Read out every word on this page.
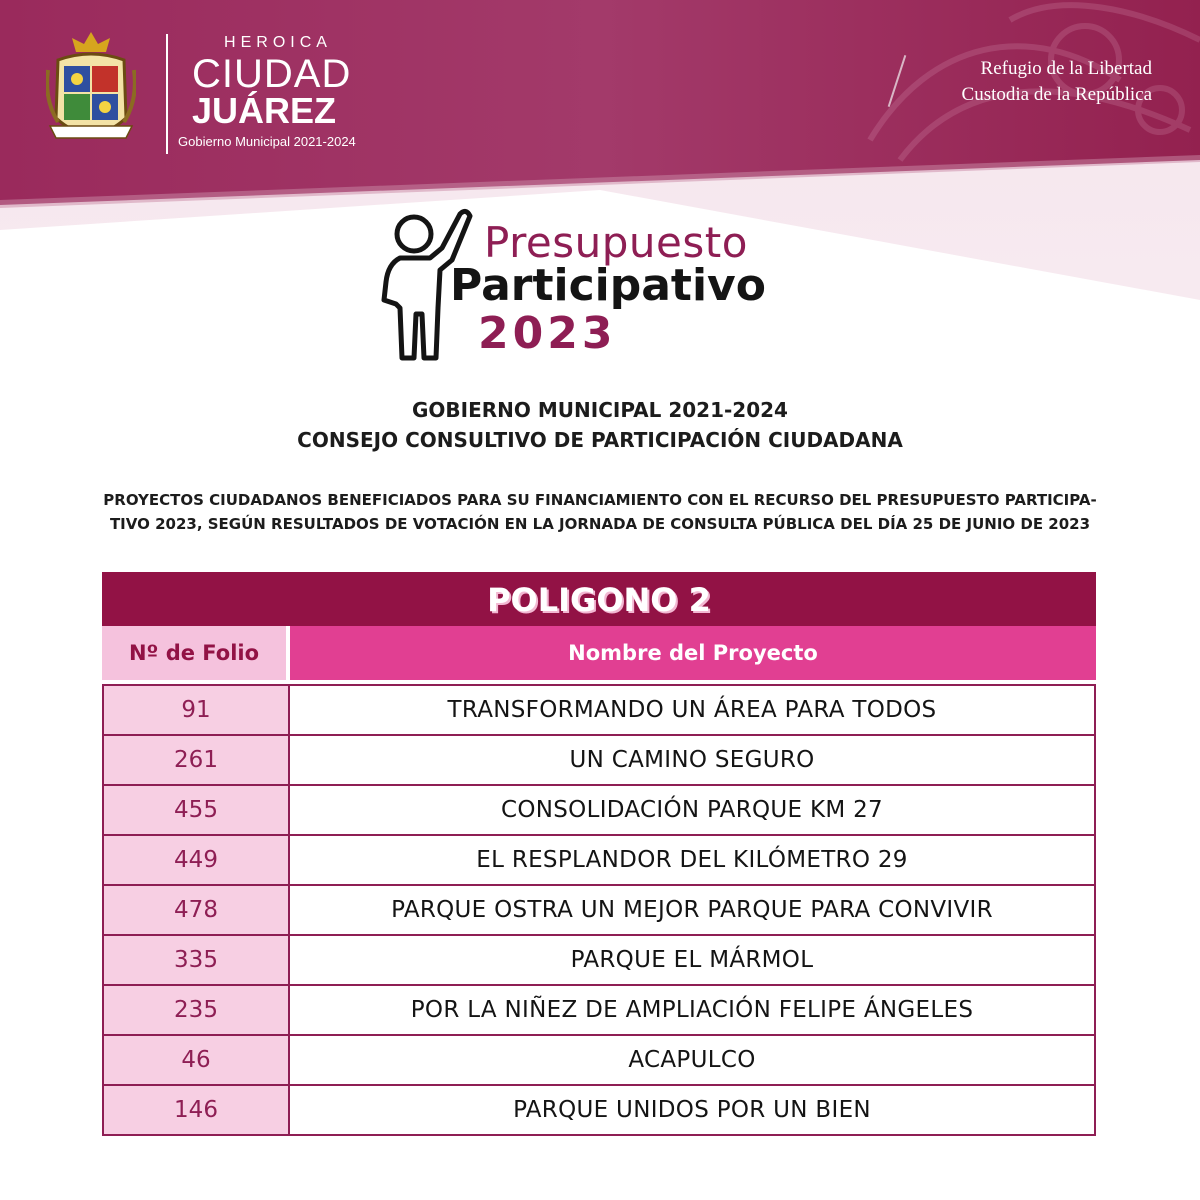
HEROICA
CIUDAD
JUÁREZ
Gobierno Municipal 2021-2024
Refugio de la Libertad
Custodia de la República
Presupuesto
Participativo
2023
GOBIERNO MUNICIPAL 2021-2024
CONSEJO CONSULTIVO DE PARTICIPACIÓN CIUDADANA
PROYECTOS CIUDADANOS BENEFICIADOS PARA SU FINANCIAMIENTO CON EL RECURSO DEL PRESUPUESTO PARTICIPA-
TIVO 2023, SEGÚN RESULTADOS DE VOTACIÓN EN LA JORNADA DE CONSULTA PÚBLICA DEL DÍA 25 DE JUNIO DE 2023
POLIGONO 2
Nº de Folio	Nombre del Proyecto
91	TRANSFORMANDO UN ÁREA PARA TODOS
261	UN CAMINO SEGURO
455	CONSOLIDACIÓN PARQUE KM 27
449	EL RESPLANDOR DEL KILÓMETRO 29
478	PARQUE OSTRA UN MEJOR PARQUE PARA CONVIVIR
335	PARQUE EL MÁRMOL
235	POR LA NIÑEZ DE AMPLIACIÓN FELIPE ÁNGELES
46	ACAPULCO
146	PARQUE UNIDOS POR UN BIEN
